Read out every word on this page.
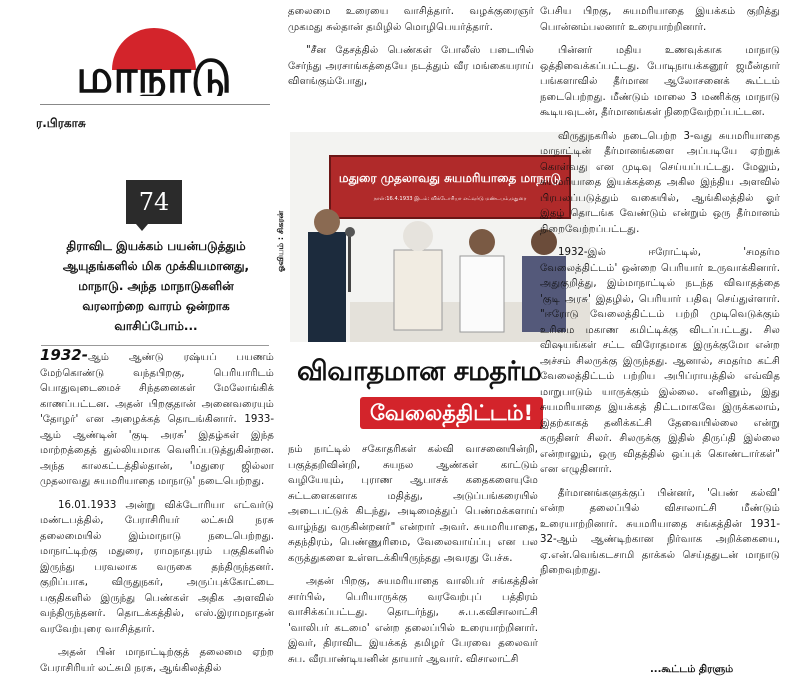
மாநாடு
ர.பிரகாசு
74
திராவிட இயக்கம் பயன்படுத்தும் ஆயுதங்களில் மிக முக்கியமானது, மாநாடு. அந்த மாநாடுகளின் வரலாற்றை வாரம் ஒன்றாக வாசிப்போம்...

1932-ஆம் ஆண்டு ரஷ்யப் பயணம் மேற்கொண்டு வந்தபிறகு, பெரியாரிடம் பொதுவுடைமைச் சிந்தனைகள் மேலோங்கிக் காணப்பட்டன. அதன் பிறகுதான் அனைவரையும் 'தோழர்' என அழைக்கத் தொடங்கினார். 1933-ஆம் ஆண்டின் 'குடி அரசு' இதழ்கள் இந்த மாற்றத்தைத் துல்லியமாக வெளிப்படுத்துகின்றன. அந்த காலகட்டத்தில்தான், 'மதுரை ஜில்லா முதலாவது சுயமரியாதை மாநாடு' நடைபெற்றது.

16.01.1933 அன்று விக்டோரியா எட்வர்டு மண்டபத்தில், பேராசிரியர் லட்சுமி நரசு தலைமையில் இம்மாநாடு நடைபெற்றது. மாநாட்டிற்கு மதுரை, ராமநாதபுரம் பகுதிகளில் இருந்து பரவலாக வருகை தந்திருந்தனர். குறிப்பாக, விருதுநகர், அருப்புக்கோட்டை பகுதிகளில் இருந்து பெண்கள் அதிக அளவில் வந்திருந்தனர். தொடக்கத்தில், எஸ்.இராமநாதன் வரவேற்புரை வாசித்தார்.

அதன் பின் மாநாட்டிற்குத் தலைமை ஏற்ற பேராசிரியர் லட்சுமி நரசு, ஆங்கிலத்தில்

தலைமை உரையை வாசித்தார். வழக்குரைஞர் முகமது சுல்தான் தமிழில் மொழிபெயர்த்தார்.

"சீன தேசத்தில் பெண்கள் போலீஸ் படையில் சேர்ந்து அரசாங்கத்தையே நடத்தும் வீர மங்கையராய் விளங்கும்போது,

ஓவியம் : சிகரன்
மதுரை முதலாவது சுயமரியாதை மாநாடு
நாள்:16.4.1933 இடம்: விக்டோரியா எட்வர்டு மண்டபம்,மதுரை
விவாதமான சமதர்ம
வேலைத்திட்டம்!

நம் நாட்டில் சகோதரிகள் கல்வி வாசனையின்றி, பகுத்தறிவின்றி, சுயநல ஆண்கள் காட்டும் வழியேயும், புராண ஆபாசக் கதைகளையுமே சுட்டளைகளாக மதித்து, அடுப்பங்கரையில் அடைபட்டுக் கிடந்து, அடிமைத்துப் பெண்மக்களாய் வாழ்ந்து வருகின்றனர்" என்றார் அவர். சுயமரியாதை, சுதந்திரம், பெண்ணுரிமை, வேலைவாய்ப்பு என பல கருத்துகளை உள்ளடக்கியிருந்தது அவரது பேச்சு.

அதன் பிறகு, சுயமரியாதை வாலிபர் சங்கத்தின் சார்பில், பெரியாருக்கு வரவேற்புப் பத்திரம் வாசிக்கப்பட்டது. தொடர்ந்து, சு.ப.கவிசாலாட்சி 'வாலிபர் கடமை' என்ற தலைப்பில் உரையாற்றினார். இவர், திராவிட இயக்கத் தமிழர் பேரவை தலைவர் சுப. வீரபாண்டியனின் தாயார் ஆவார். விசாலாட்சி

பேசிய பிறகு, சுயமரியாதை இயக்கம் குறித்து பொன்னம்பலனார் உரையாற்றினார்.

பின்னர் மதிய உணவுக்காக மாநாடு ஒத்திவைக்கப்பட்டது. போடிநாயக்கனூர் ஜமீன்தார் பங்களாவில் தீர்மான ஆலோசனைக் கூட்டம் நடைபெற்றது. மீண்டும் மாலை 3 மணிக்கு மாநாடு கூடியவுடன், தீர்மானங்கள் நிறைவேற்றப்பட்டன.

விருதுநகரில் நடைபெற்ற 3-வது சுயமரியாதை மாநாட்டின் தீர்மானங்களை அப்படியே ஏற்றுக் கொள்வது என முடிவு செய்யப்பட்டது. மேலும், சுயமரியாதை இயக்கத்தை அகில இந்திய அளவில் பிரபலப்படுத்தும் வகையில், ஆங்கிலத்தில் ஓர் இதழ் தொடங்க வேண்டும் என்றும் ஒரு தீர்மானம் நிறைவேற்றப்பட்டது.

1932-இல் ஈரோட்டில், 'சமதர்ம வேலைத்திட்டம்' ஒன்றை பெரியார் உருவாக்கினார். அதுகுறித்து, இம்மாநாட்டில் நடந்த விவாதத்தை 'குடி அரசு' இதழில், பெரியார் பதிவு செய்துள்ளார். "ஈரோடு வேலைத்திட்டம் பற்றி முடிவெடுக்கும் உரிமை மகாண கமிட்டிக்கு விடப்பட்டது. சில விஷயங்கள் சட்ட விரோதமாக இருக்குமோ என்ற அச்சம் சிலருக்கு இருந்தது. ஆனால், சமதர்ம கட்சி வேலைத்திட்டம் பற்றிய அபிப்ராயத்தில் எவ்வித மாறுபாடும் யாருக்கும் இல்லை. எனினும், இது சுயமரியாதை இயக்கத் திட்டமாகவே இருக்கலாம், இதற்காகத் தனிக்கட்சி தேவையில்லை என்று கருதினர் சிலர். சிலருக்கு இதில் திருப்தி இல்லை என்றாலும், ஒரு விதத்தில் ஒப்புக் கொண்டார்கள்" என எழுதினார்.

தீர்மானங்களுக்குப் பின்னர், 'பெண் கல்வி' என்ற தலைப்பில் விசாலாட்சி மீண்டும் உரையாற்றினார். சுயமரியாதை சங்கத்தின் 1931-32-ஆம் ஆண்டிற்கான நிர்வாக அறிக்கையை, ஏ.என்.வெங்கடசாமி தாக்கல் செய்ததுடன் மாநாடு நிறைவுற்றது.

...கூட்டம் திரளும்
